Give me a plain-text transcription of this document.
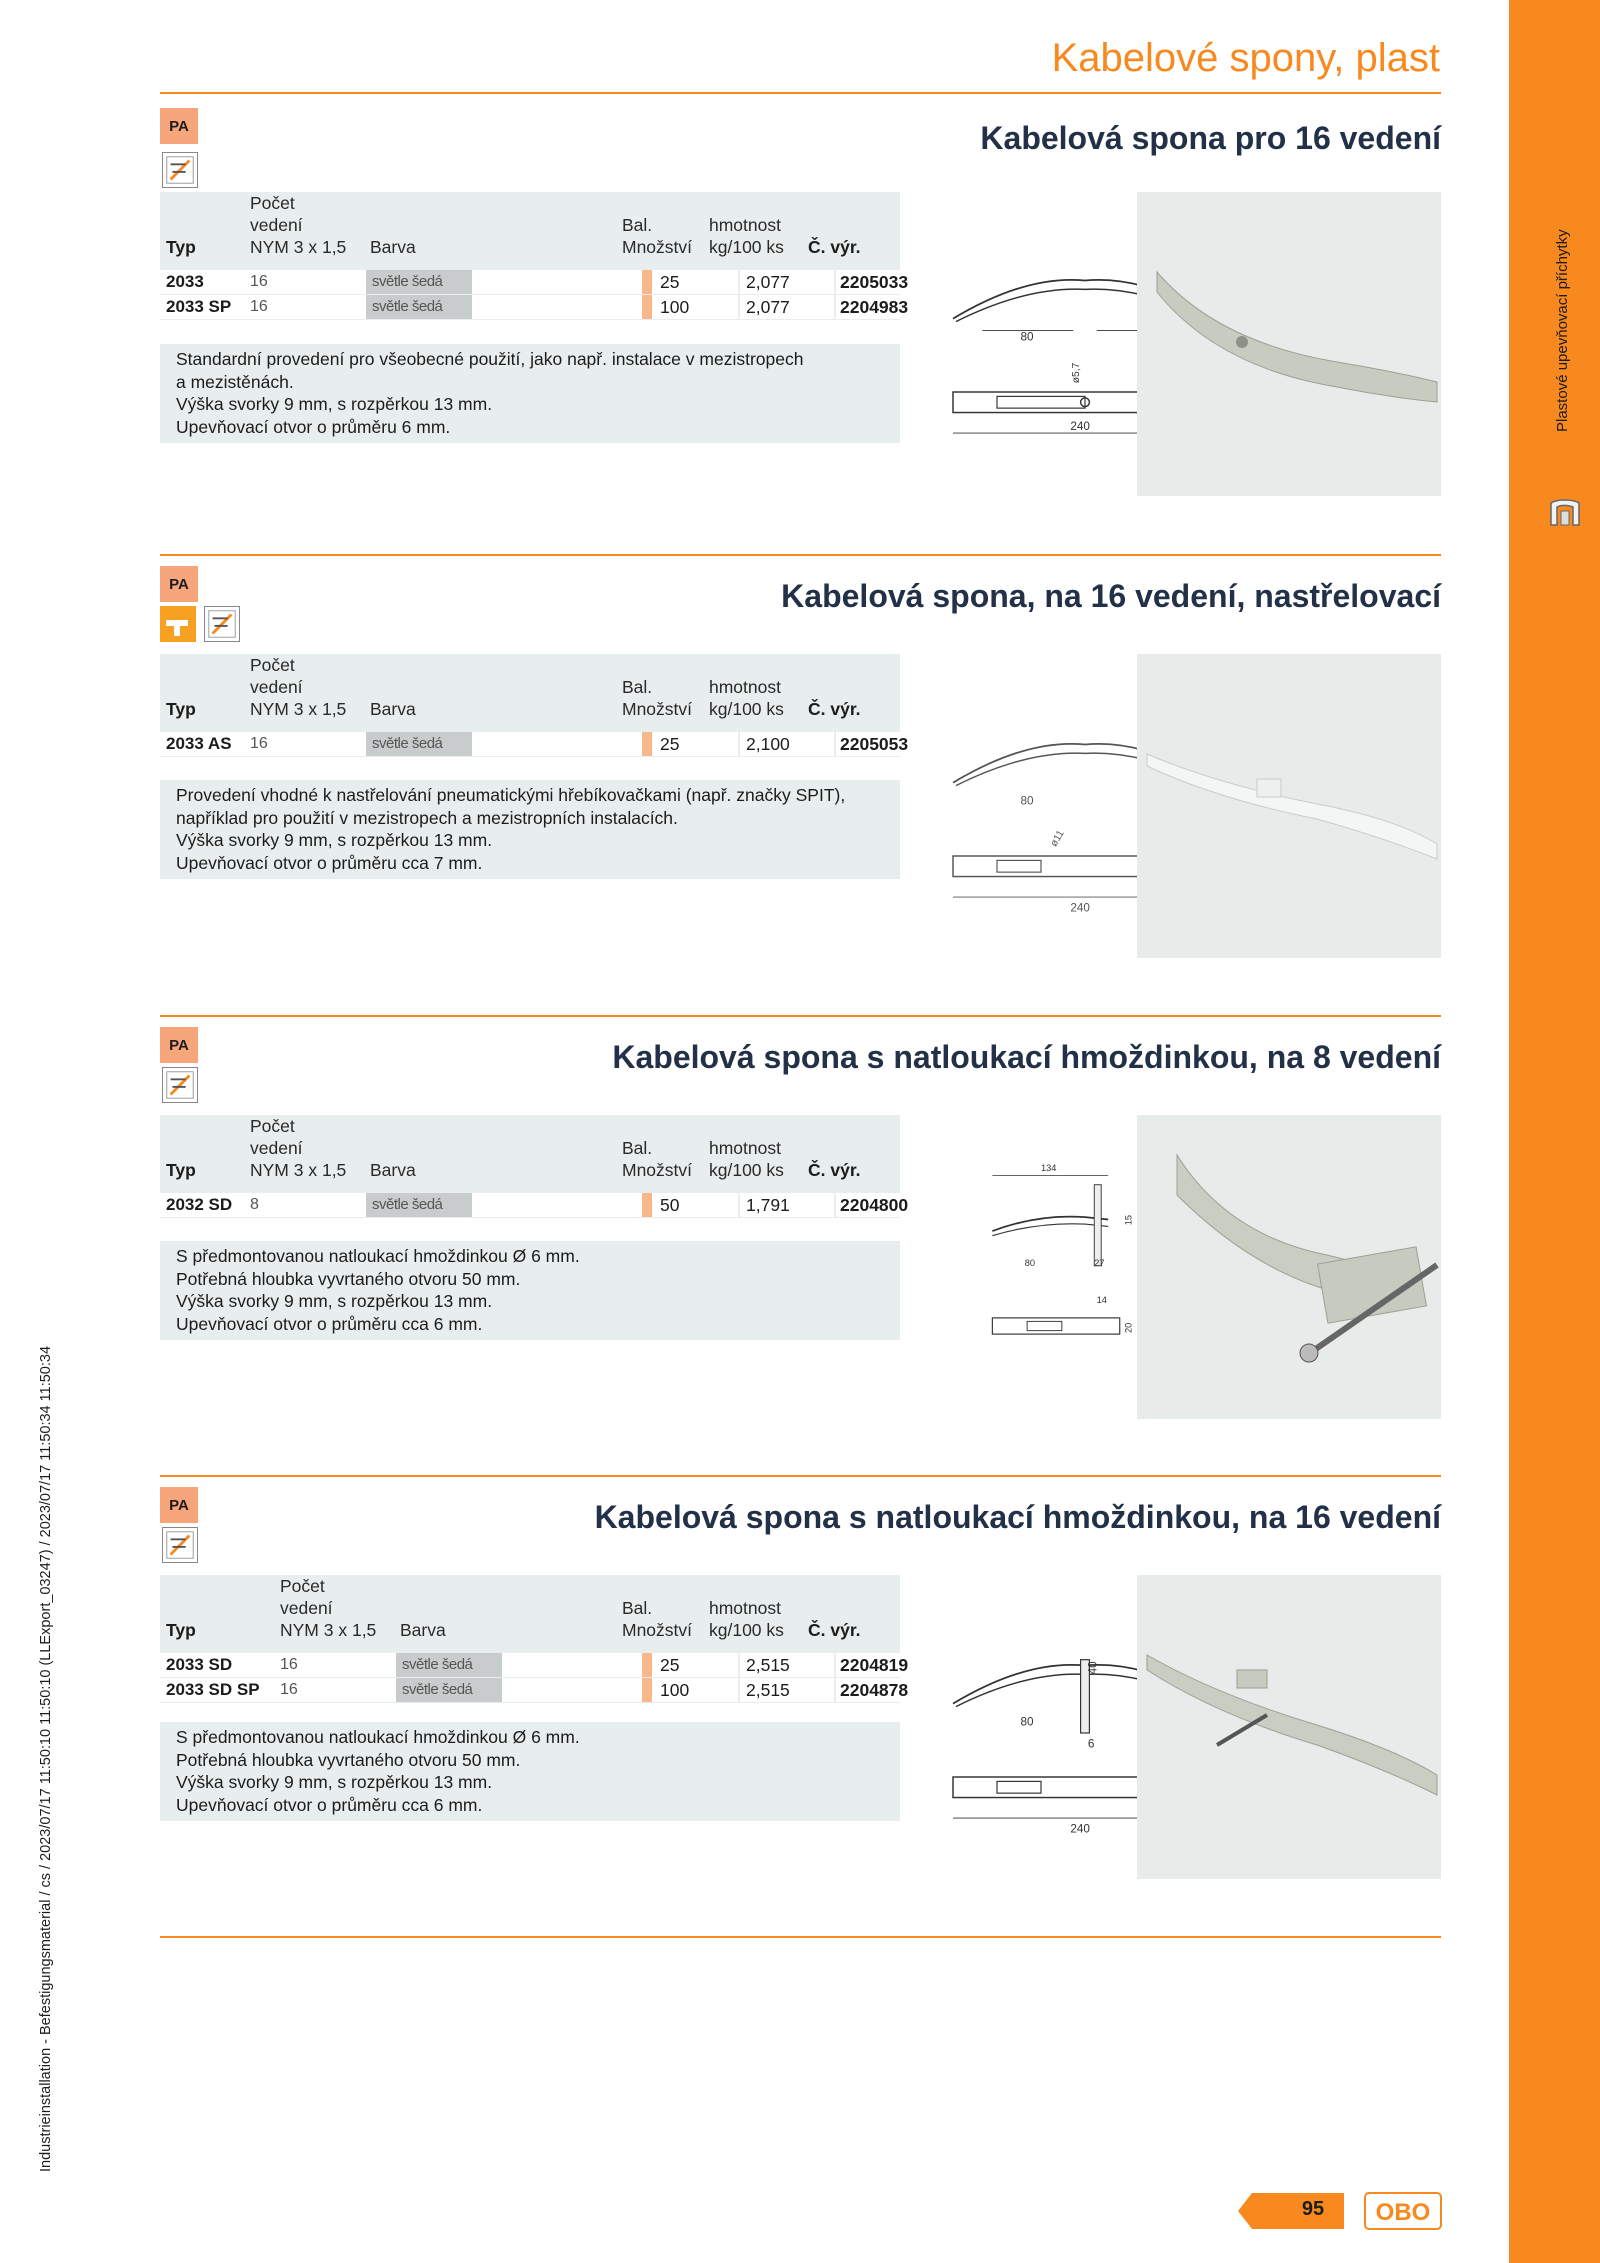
Plastové upevňovací příchytky
Industrieinstallation - Befestigungsmaterial / cs / 2023/07/17 11:50:10 11:50:10 (LLExport_03247) / 2023/07/17 11:50:34 11:50:34
Kabelové spony, plast
PA	Kabelová spona pro 16 vedení
Počet
vedení
NYM 3 x 1,5
Typ	Barva
Bal.
Množství
hmotnost
kg/100 ks Č. výr.
2033	16	světle šedá	25	2,077	2205033
2033 SP	16	světle šedá	100	2,077	2204983
Standardní provedení pro všeobecné použití, jako např. instalace v mezistropech
a mezistěnách.
Výška svorky 9 mm, s rozpěrkou 13 mm.
Upevňovací otvor o průměru 6 mm.
80
ø5,7
240
PA	Kabelová spona, na 16 vedení, nastřelovací
Počet
vedení
NYM 3 x 1,5
Typ	Barva
Bal.
Množství
hmotnost
kg/100 ks Č. výr.
2033 AS	16	světle šedá	25	2,100	2205053
Provedení vhodné k nastřelování pneumatickými hřebíkovačkami (např. značky SPIT),
například pro použití v mezistropech a mezistropních instalacích.
Výška svorky 9 mm, s rozpěrkou 13 mm.
Upevňovací otvor o průměru cca 7 mm.
80
ø11
240
PA	Kabelová spona s natloukací hmoždinkou, na 8 vedení
Počet
vedení
NYM 3 x 1,5
Typ	Barva
Bal.
Množství
hmotnost
kg/100 ks Č. výr.
2032 SD	8	světle šedá	50	1,791	2204800
S předmontovanou natloukací hmoždinkou Ø 6 mm.
Potřebná hloubka vyvrtaného otvoru 50 mm.
Výška svorky 9 mm, s rozpěrkou 13 mm.
Upevňovací otvor o průměru cca 6 mm.
134
80	27
15
14
20
PA	Kabelová spona s natloukací hmoždinkou, na 16 vedení
Počet
vedení
NYM 3 x 1,5
Typ	Barva
Bal.
Množství
hmotnost
kg/100 ks Č. výr.
2033 SD	16	světle šedá	25	2,515	2204819
2033 SD SP	16	světle šedá	100	2,515	2204878
S předmontovanou natloukací hmoždinkou Ø 6 mm.
Potřebná hloubka vyvrtaného otvoru 50 mm.
Výška svorky 9 mm, s rozpěrkou 13 mm.
Upevňovací otvor o průměru cca 6 mm.
40
80
6
240
95	OBO
